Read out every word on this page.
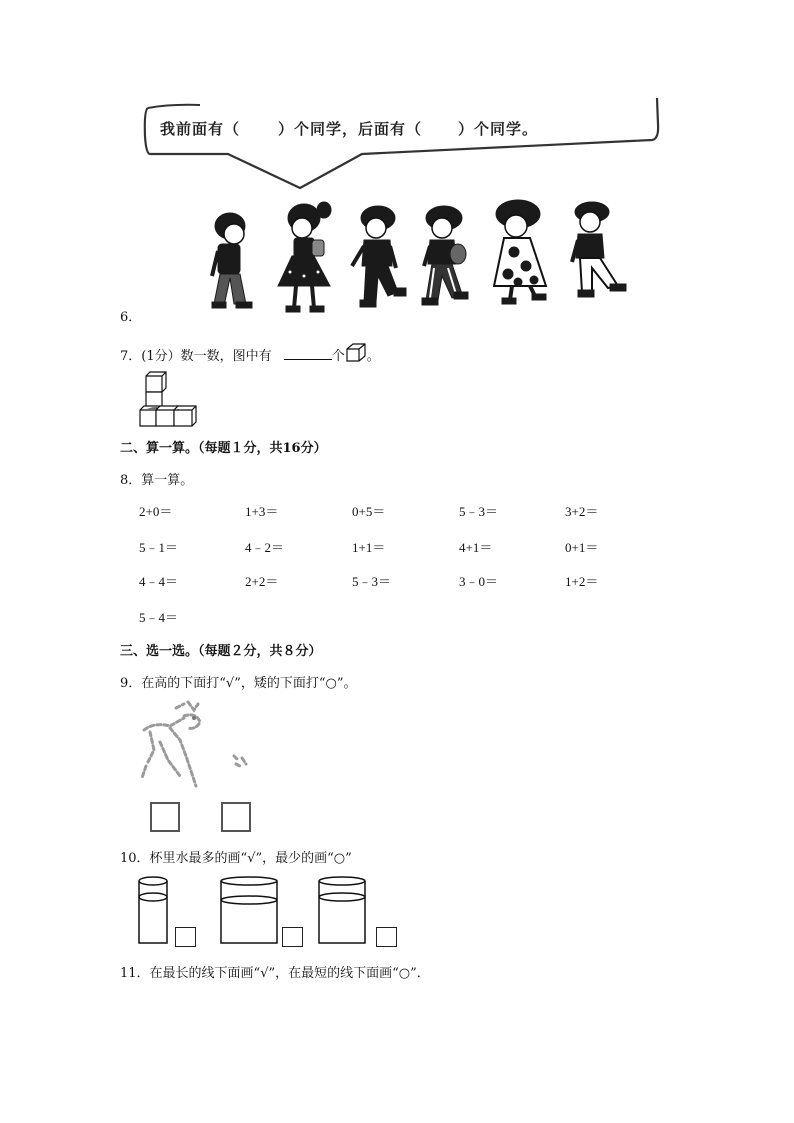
我前面有（	）个同学，后面有（ ）个同学。
6．
7．(1分）数一数，图中有	个 。
二、算一算。（每题１分，共16分）
8．算一算。
2+0＝	1+3＝	0+5＝	5﹣3＝	3+2＝
5﹣1＝	4﹣2＝	1+1＝	4+1＝	0+1＝
4﹣4＝	2+2＝	5﹣3＝	3﹣0＝	1+2＝
5﹣4＝
三、选一选。（每题２分，共８分）
9．在高的下面打“√”，矮的下面打“○”。
10．杯里水最多的画“√”，最少的画“○”
11．在最长的线下面画“√”，在最短的线下面画“○”．
